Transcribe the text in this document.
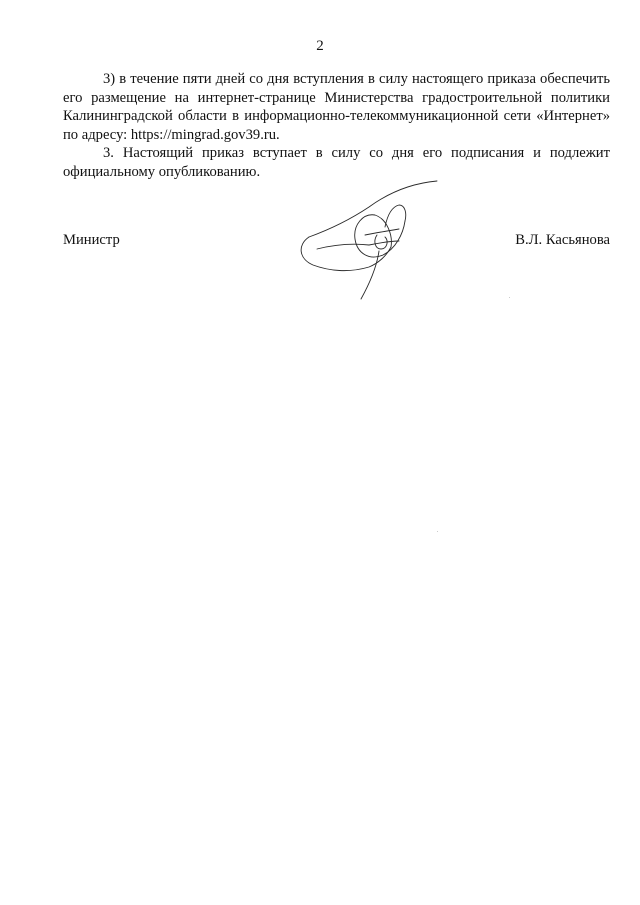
2

3) в течение пяти дней со дня вступления в силу настоящего приказа обеспечить его размещение на интернет-странице Министерства градостроительной политики Калининградской области в информационно-телекоммуникационной сети «Интернет» по адресу: https://mingrad.gov39.ru.

3. Настоящий приказ вступает в силу со дня его подписания и подлежит официальному опубликованию.

Министр	В.Л. Касьянова
